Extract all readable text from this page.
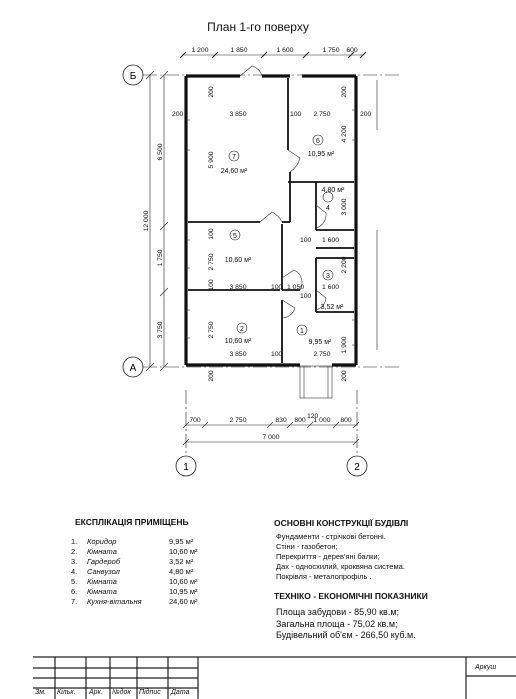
План 1-го поверху
Б
А
1	2
1 200	1 850	1 600	1 750 600
12 000
6 500
1 750
3 750
200	3 850	100 2 750	200
5 900
4 200
200	200
3 000
100 1 600
100
2 750	2 200
100 3 850	100 1 050	1 600
100
2 750
1 900
3 850	100	2 750
200	200
120
700	2 750	830 800 1 000 800
7 000
7
24,60 м²
6
10,95 м²
4,80 м²
4
5
10,60 м²
3
3,52 м²
2
10,60 м²
1
9,95 м²
ЕКСПЛІКАЦІЯ ПРИМІЩЕНЬ
1.	Коридор	9,95 м²
2.	Кімната	10,60 м²
3.	Гардероб	3,52 м²
4.	Санвузол	4,80 м²
5.	Кімната	10,60 м²
6.	Кімната	10,95 м²
7.	Кухня-вітальня	24,60 м²
ОСНОВНІ КОНСТРУКЦІЇ БУДІВЛІ
Фундаменти - стрічкові бетонні.
Стіни - газобетон;
Перекриття - дерев'яні балки;
Дах - односхилий, кроквяна система.
Покрівля - металопрофіль .
ТЕХНІКО - ЕКОНОМІЧНІ ПОКАЗНИКИ
Площа забудови - 85,90 кв.м;
Загальна площа - 75,02 кв.м;
Будівельний об'єм - 266,50 куб.м.
Зм. Кільк. Арк. №док Підпис Дата
Аркуш
